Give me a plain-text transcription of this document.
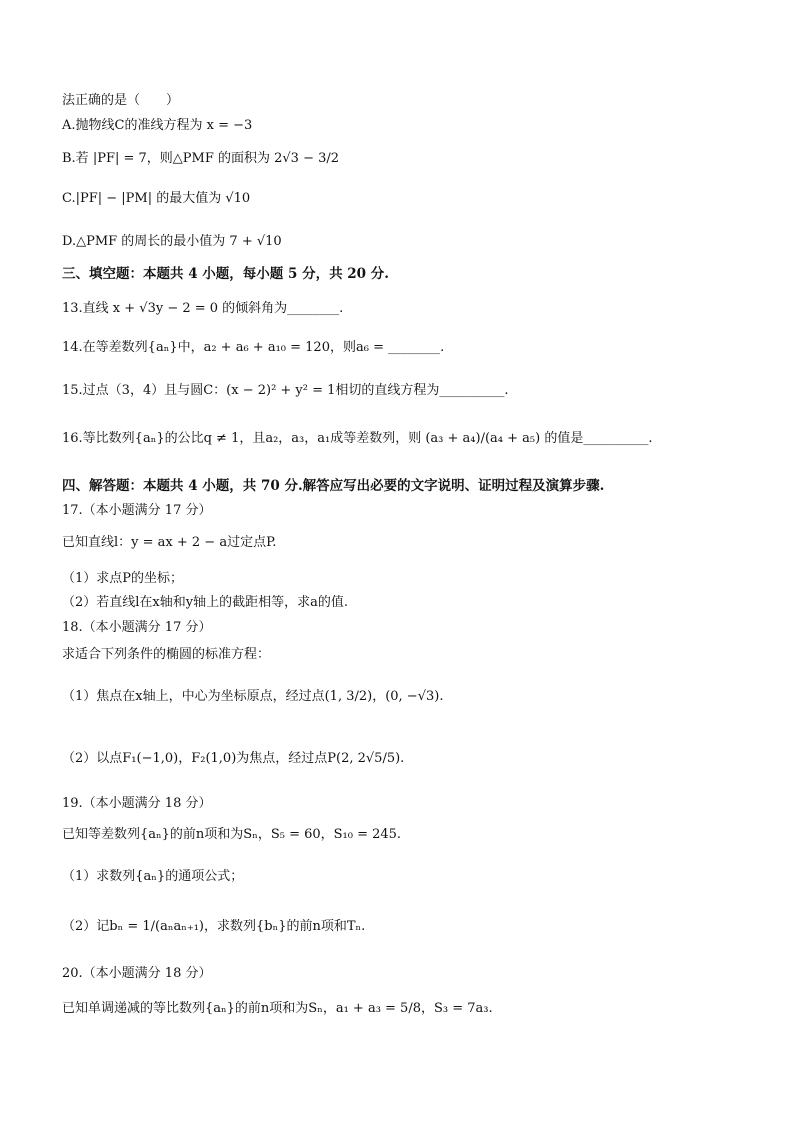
法正确的是（　　）
A.抛物线C的准线方程为 x = −3
B.若 |PF| = 7，则△PMF 的面积为 2√3 − 3/2
C.|PF| − |PM| 的最大值为 √10
D.△PMF 的周长的最小值为 7 + √10
三、填空题：本题共 4 小题，每小题 5 分，共 20 分.
13.直线 x + √3y − 2 = 0 的倾斜角为________.
14.在等差数列{aₙ}中，a₂ + a₆ + a₁₀ = 120，则a₆ = ________.
15.过点（3，4）且与圆C：(x − 2)² + y² = 1相切的直线方程为__________.
16.等比数列{aₙ}的公比q ≠ 1，且a₂，a₃，a₁成等差数列，则 (a₃ + a₄)/(a₄ + a₅) 的值是__________.
四、解答题：本题共 4 小题，共 70 分.解答应写出必要的文字说明、证明过程及演算步骤.
17.（本小题满分 17 分）
已知直线l：y = ax + 2 − a过定点P.
（1）求点P的坐标；
（2）若直线l在x轴和y轴上的截距相等，求a的值.
18.（本小题满分 17 分）
求适合下列条件的椭圆的标准方程：
（1）焦点在x轴上，中心为坐标原点，经过点(1, 3/2)，(0, −√3).
（2）以点F₁(−1,0)，F₂(1,0)为焦点，经过点P(2, 2√5/5).
19.（本小题满分 18 分）
已知等差数列{aₙ}的前n项和为Sₙ，S₅ = 60，S₁₀ = 245.
（1）求数列{aₙ}的通项公式；
（2）记bₙ = 1/(aₙaₙ₊₁)，求数列{bₙ}的前n项和Tₙ.
20.（本小题满分 18 分）
已知单调递减的等比数列{aₙ}的前n项和为Sₙ，a₁ + a₃ = 5/8，S₃ = 7a₃.
